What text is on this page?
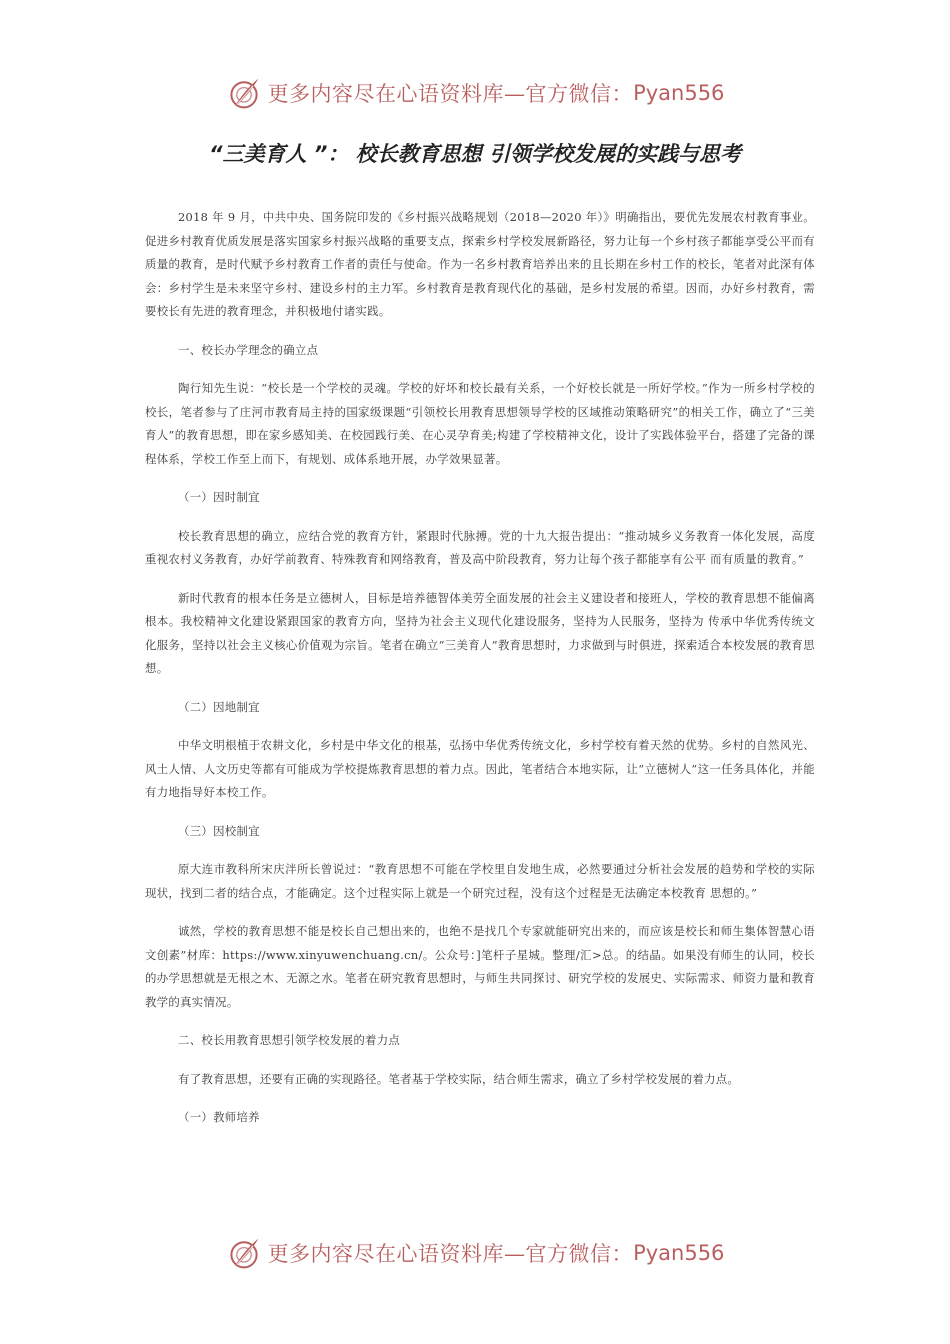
更多内容尽在心语资料库—官方微信： Pyan556
“三美育人 ”： 校长教育思想 引领学校发展的实践与思考

2018 年 9 月，中共中央、国务院印发的《乡村振兴战略规划（2018—2020 年）》明确指出，要优先发展农村教育事业。促进乡村教育优质发展是落实国家乡村振兴战略的重要支点，探索乡村学校发展新路径，努力让每一个乡村孩子都能享受公平而有质量的教育，是时代赋予乡村教育工作者的责任与使命。作为一名乡村教育培养出来的且长期在乡村工作的校长，笔者对此深有体会：乡村学生是未来坚守乡村、建设乡村的主力军。乡村教育是教育现代化的基础，是乡村发展的希望。因而，办好乡村教育，需要校长有先进的教育理念，并积极地付诸实践。

一、校长办学理念的确立点

陶行知先生说：“校长是一个学校的灵魂。学校的好坏和校长最有关系，一个好校长就是一所好学校。”作为一所乡村学校的校长，笔者参与了庄河市教育局主持的国家级课题“引领校长用教育思想领导学校的区域推动策略研究”的相关工作，确立了“三美育人”的教育思想，即在家乡感知美、在校园践行美、在心灵孕育美;构建了学校精神文化，设计了实践体验平台，搭建了完备的课程体系，学校工作至上而下，有规划、成体系地开展，办学效果显著。

（一）因时制宜

校长教育思想的确立，应结合党的教育方针，紧跟时代脉搏。党的十九大报告提出：“推动城乡义务教育一体化发展，高度重视农村义务教育，办好学前教育、特殊教育和网络教育，普及高中阶段教育，努力让每个孩子都能享有公平 而有质量的教育。”

新时代教育的根本任务是立德树人，目标是培养德智体美劳全面发展的社会主义建设者和接班人，学校的教育思想不能偏离根本。我校精神文化建设紧跟国家的教育方向，坚持为社会主义现代化建设服务，坚持为人民服务，坚持为 传承中华优秀传统文化服务，坚持以社会主义核心价值观为宗旨。笔者在确立“三美育人”教育思想时，力求做到与时俱进，探索适合本校发展的教育思想。

（二）因地制宜

中华文明根植于农耕文化，乡村是中华文化的根基，弘扬中华优秀传统文化，乡村学校有着天然的优势。乡村的自然风光、风土人情、人文历史等都有可能成为学校提炼教育思想的着力点。因此，笔者结合本地实际，让“立德树人”这一任务具体化，并能有力地指导好本校工作。

（三）因校制宜

原大连市教科所宋庆泮所长曾说过：“教育思想不可能在学校里自发地生成，必然要通过分析社会发展的趋势和学校的实际现状，找到二者的结合点，才能确定。这个过程实际上就是一个研究过程，没有这个过程是无法确定本校教育 思想的。”

诚然，学校的教育思想不能是校长自己想出来的，也绝不是找几个专家就能研究出来的，而应该是校长和师生集体智慧心语文创素”材库：https://www.xinyuwenchuang.cn/。公众号：]笔杆子星城。整理/汇>总。的结晶。如果没有师生的认同，校长的办学思想就是无根之木、无源之水。笔者在研究教育思想时，与师生共同探讨、研究学校的发展史、实际需求、师资力量和教育教学的真实情况。

二、校长用教育思想引领学校发展的着力点

有了教育思想，还要有正确的实现路径。笔者基于学校实际，结合师生需求，确立了乡村学校发展的着力点。

（一）教师培养

更多内容尽在心语资料库—官方微信： Pyan556
